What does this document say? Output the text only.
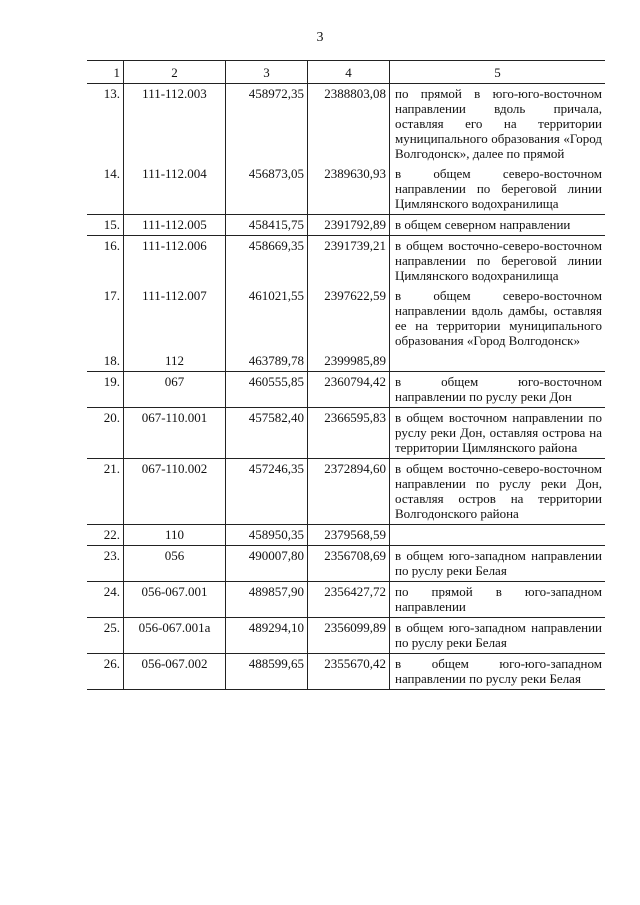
3
1	2	3	4	5
13.	111-112.003	458972,35	2388803,08	по прямой в юго-юго-восточном направлении вдоль причала, оставляя его на территории муниципального образования «Город Волгодонск», далее по прямой
14.	111-112.004	456873,05	2389630,93	в общем северо-восточном направлении по береговой линии Цимлянского водохранилища
15.	111-112.005	458415,75	2391792,89	в общем северном направлении
16.	111-112.006	458669,35	2391739,21	в общем восточно-северо-восточном направлении по береговой линии Цимлянского водохранилища
17.	111-112.007	461021,55	2397622,59	в общем северо-восточном направлении вдоль дамбы, оставляя ее на территории муниципального образования «Город Волгодонск»
18.	112	463789,78	2399985,89	
19.	067	460555,85	2360794,42	в общем юго-восточном направлении по руслу реки Дон
20.	067-110.001	457582,40	2366595,83	в общем восточном направлении по руслу реки Дон, оставляя острова на территории Цимлянского района
21.	067-110.002	457246,35	2372894,60	в общем восточно-северо-восточном направлении по руслу реки Дон, оставляя остров на территории Волгодонского района
22.	110	458950,35	2379568,59	
23.	056	490007,80	2356708,69	в общем юго-западном направлении по руслу реки Белая
24.	056-067.001	489857,90	2356427,72	по прямой в юго-западном направлении
25.	056-067.001а	489294,10	2356099,89	в общем юго-западном направлении по руслу реки Белая
26.	056-067.002	488599,65	2355670,42	в общем юго-юго-западном направлении по руслу реки Белая
